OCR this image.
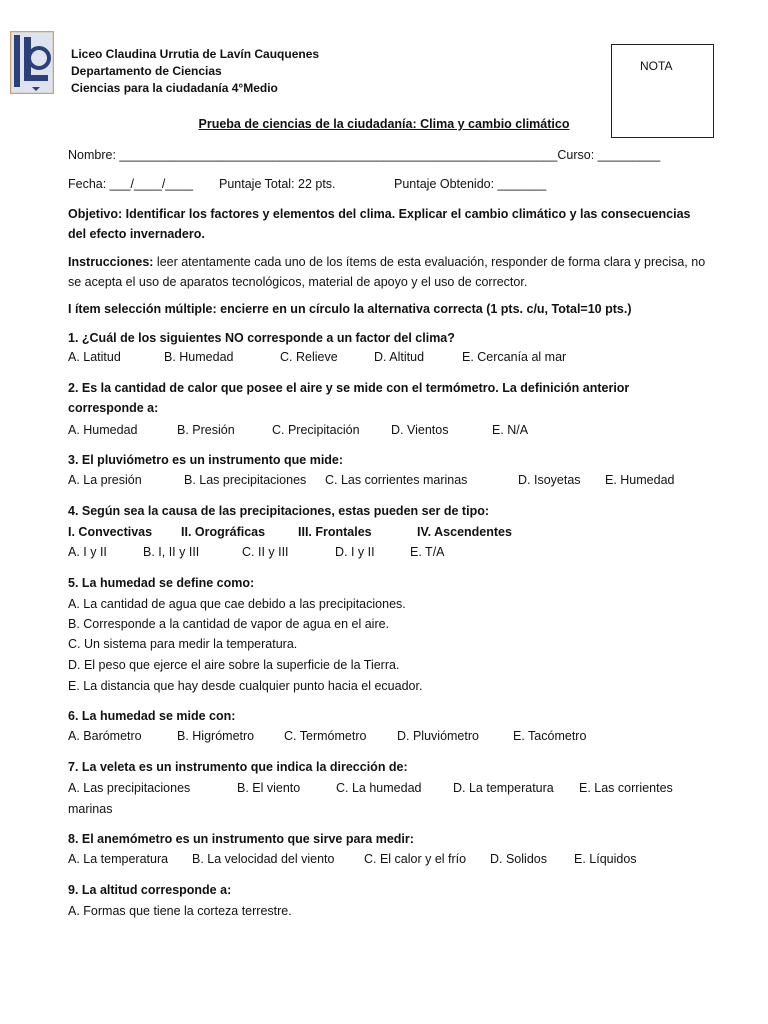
Liceo Claudina Urrutia de Lavín Cauquenes
Departamento de Ciencias
Ciencias para la ciudadanía 4°Medio
NOTA
Prueba de ciencias de la ciudadanía: Clima y cambio climático
Nombre: _______________________________________________________________Curso: _________
Fecha: ___/____/____ Puntaje Total: 22 pts.	Puntaje Obtenido: _______
Objetivo: Identificar los factores y elementos del clima. Explicar el cambio climático y las consecuencias del efecto invernadero.
Instrucciones: leer atentamente cada uno de los ítems de esta evaluación, responder de forma clara y precisa, no se acepta el uso de aparatos tecnológicos, material de apoyo y el uso de corrector.
I ítem selección múltiple: encierre en un círculo la alternativa correcta (1 pts. c/u, Total=10 pts.)
1. ¿Cuál de los siguientes NO corresponde a un factor del clima?
A. Latitud	B. Humedad	C. Relieve	D. Altitud	E. Cercanía al mar
2. Es la cantidad de calor que posee el aire y se mide con el termómetro. La definición anterior corresponde a:
A. Humedad	B. Presión	C. Precipitación	D. Vientos	E. N/A
3. El pluviómetro es un instrumento que mide:
A. La presión	B. Las precipitaciones C. Las corrientes marinas	D. Isoyetas E. Humedad
4. Según sea la causa de las precipitaciones, estas pueden ser de tipo:
I. Convectivas II. Orográficas	III. Frontales	IV. Ascendentes
A. I y II	B. I, II y III	C. II y III	D. I y II	E. T/A
5. La humedad se define como:
A. La cantidad de agua que cae debido a las precipitaciones.
B. Corresponde a la cantidad de vapor de agua en el aire.
C. Un sistema para medir la temperatura.
D. El peso que ejerce el aire sobre la superficie de la Tierra.
E. La distancia que hay desde cualquier punto hacia el ecuador.
6. La humedad se mide con:
A. Barómetro	B. Higrómetro C. Termómetro D. Pluviómetro	E. Tacómetro
7. La veleta es un instrumento que indica la dirección de:
A. Las precipitaciones	B. El viento	C. La humedad	D. La temperatura E. Las corrientes
marinas
8. El anemómetro es un instrumento que sirve para medir:
A. La temperatura B. La velocidad del viento C. El calor y el frío D. Solidos E. Líquidos
9. La altitud corresponde a:
A. Formas que tiene la corteza terrestre.
